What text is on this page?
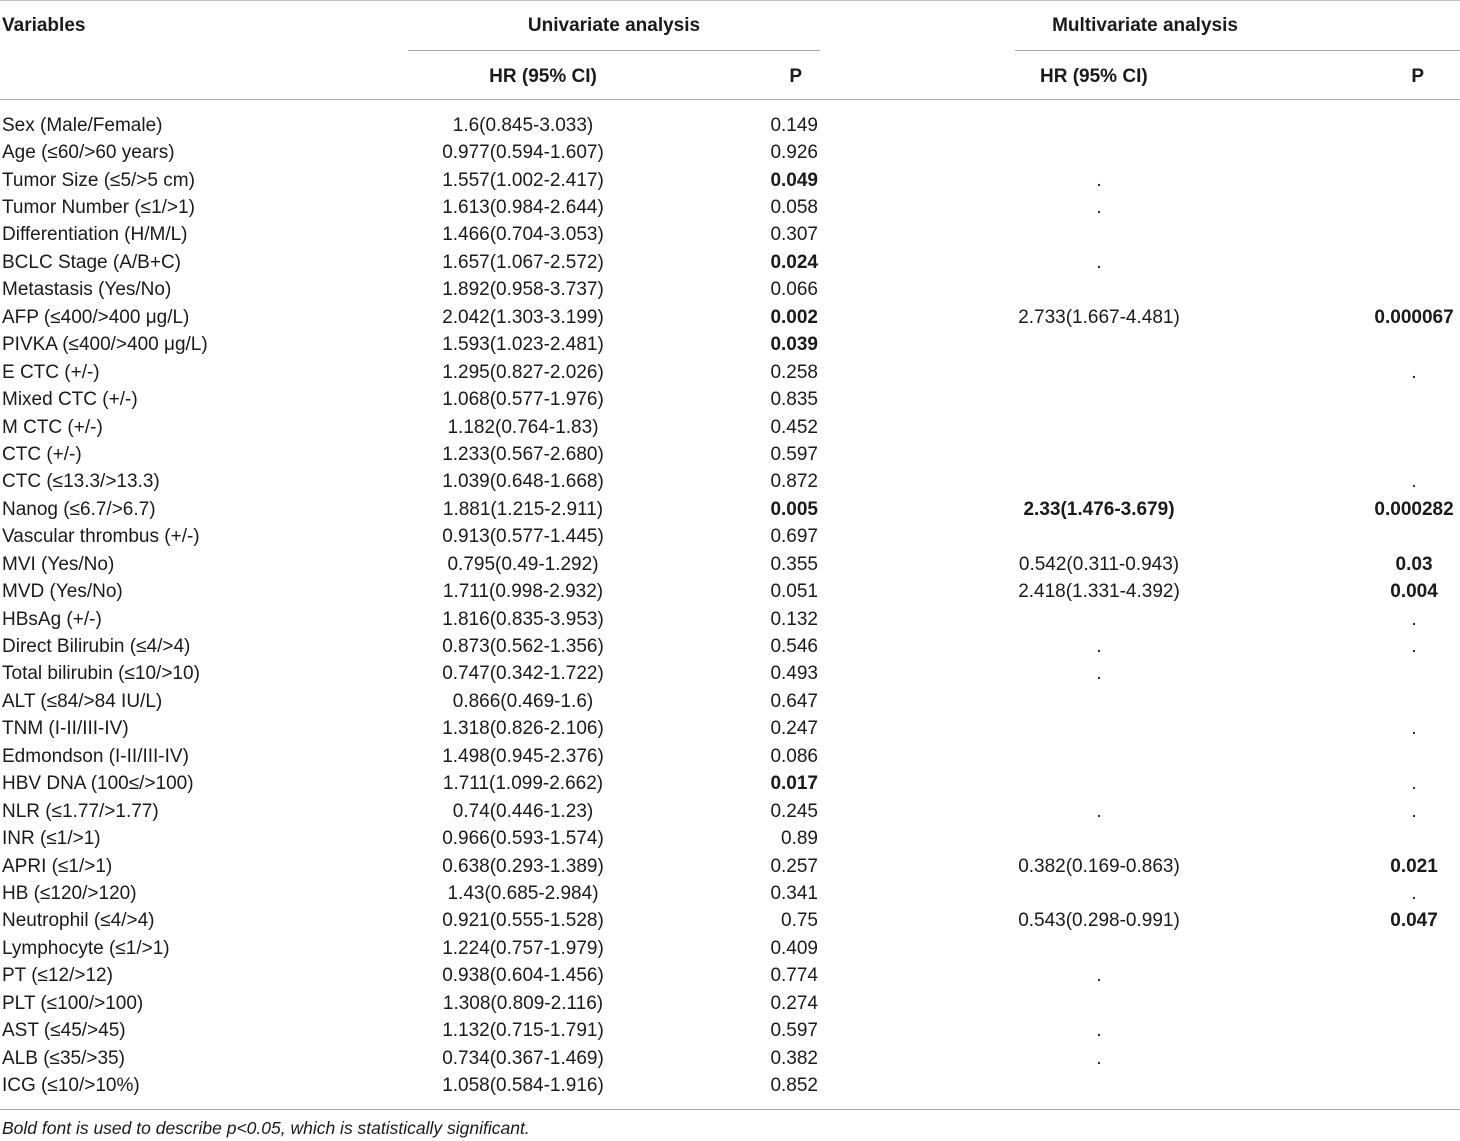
Variables	Univariate analysis		Multivariate analysis		
	HR (95% CI)	P		HR (95% CI)	P

Sex (Male/Female)	1.6(0.845-3.033)	0.149			
Age (≤60/>60 years)	0.977(0.594-1.607)	0.926			
Tumor Size (≤5/>5 cm)	1.557(1.002-2.417)	0.049		.	
Tumor Number (≤1/>1)	1.613(0.984-2.644)	0.058		.	
Differentiation (H/M/L)	1.466(0.704-3.053)	0.307			
BCLC Stage (A/B+C)	1.657(1.067-2.572)	0.024		.	
Metastasis (Yes/No)	1.892(0.958-3.737)	0.066			
AFP (≤400/>400 μg/L)	2.042(1.303-3.199)	0.002		2.733(1.667-4.481)	0.000067
PIVKA (≤400/>400 μg/L)	1.593(1.023-2.481)	0.039			
E CTC (+/-)	1.295(0.827-2.026)	0.258			.
Mixed CTC (+/-)	1.068(0.577-1.976)	0.835			
M CTC (+/-)	1.182(0.764-1.83)	0.452			
CTC (+/-)	1.233(0.567-2.680)	0.597			
CTC (≤13.3/>13.3)	1.039(0.648-1.668)	0.872			.
Nanog (≤6.7/>6.7)	1.881(1.215-2.911)	0.005		2.33(1.476-3.679)	0.000282
Vascular thrombus (+/-)	0.913(0.577-1.445)	0.697			
MVI (Yes/No)	0.795(0.49-1.292)	0.355		0.542(0.311-0.943)	0.03
MVD (Yes/No)	1.711(0.998-2.932)	0.051		2.418(1.331-4.392)	0.004
HBsAg (+/-)	1.816(0.835-3.953)	0.132			.
Direct Bilirubin (≤4/>4)	0.873(0.562-1.356)	0.546		.	.
Total bilirubin (≤10/>10)	0.747(0.342-1.722)	0.493		.	
ALT (≤84/>84 IU/L)	0.866(0.469-1.6)	0.647			
TNM (I-II/III-IV)	1.318(0.826-2.106)	0.247			.
Edmondson (I-II/III-IV)	1.498(0.945-2.376)	0.086			
HBV DNA (100≤/>100)	1.711(1.099-2.662)	0.017			.
NLR (≤1.77/>1.77)	0.74(0.446-1.23)	0.245		.	.
INR (≤1/>1)	0.966(0.593-1.574)	0.89			
APRI (≤1/>1)	0.638(0.293-1.389)	0.257		0.382(0.169-0.863)	0.021
HB (≤120/>120)	1.43(0.685-2.984)	0.341			.
Neutrophil (≤4/>4)	0.921(0.555-1.528)	0.75		0.543(0.298-0.991)	0.047
Lymphocyte (≤1/>1)	1.224(0.757-1.979)	0.409			
PT (≤12/>12)	0.938(0.604-1.456)	0.774		.	
PLT (≤100/>100)	1.308(0.809-2.116)	0.274			
AST (≤45/>45)	1.132(0.715-1.791)	0.597		.	
ALB (≤35/>35)	0.734(0.367-1.469)	0.382		.	
ICG (≤10/>10%)	1.058(0.584-1.916)	0.852			
Bold font is used to describe p<0.05, which is statistically significant.
